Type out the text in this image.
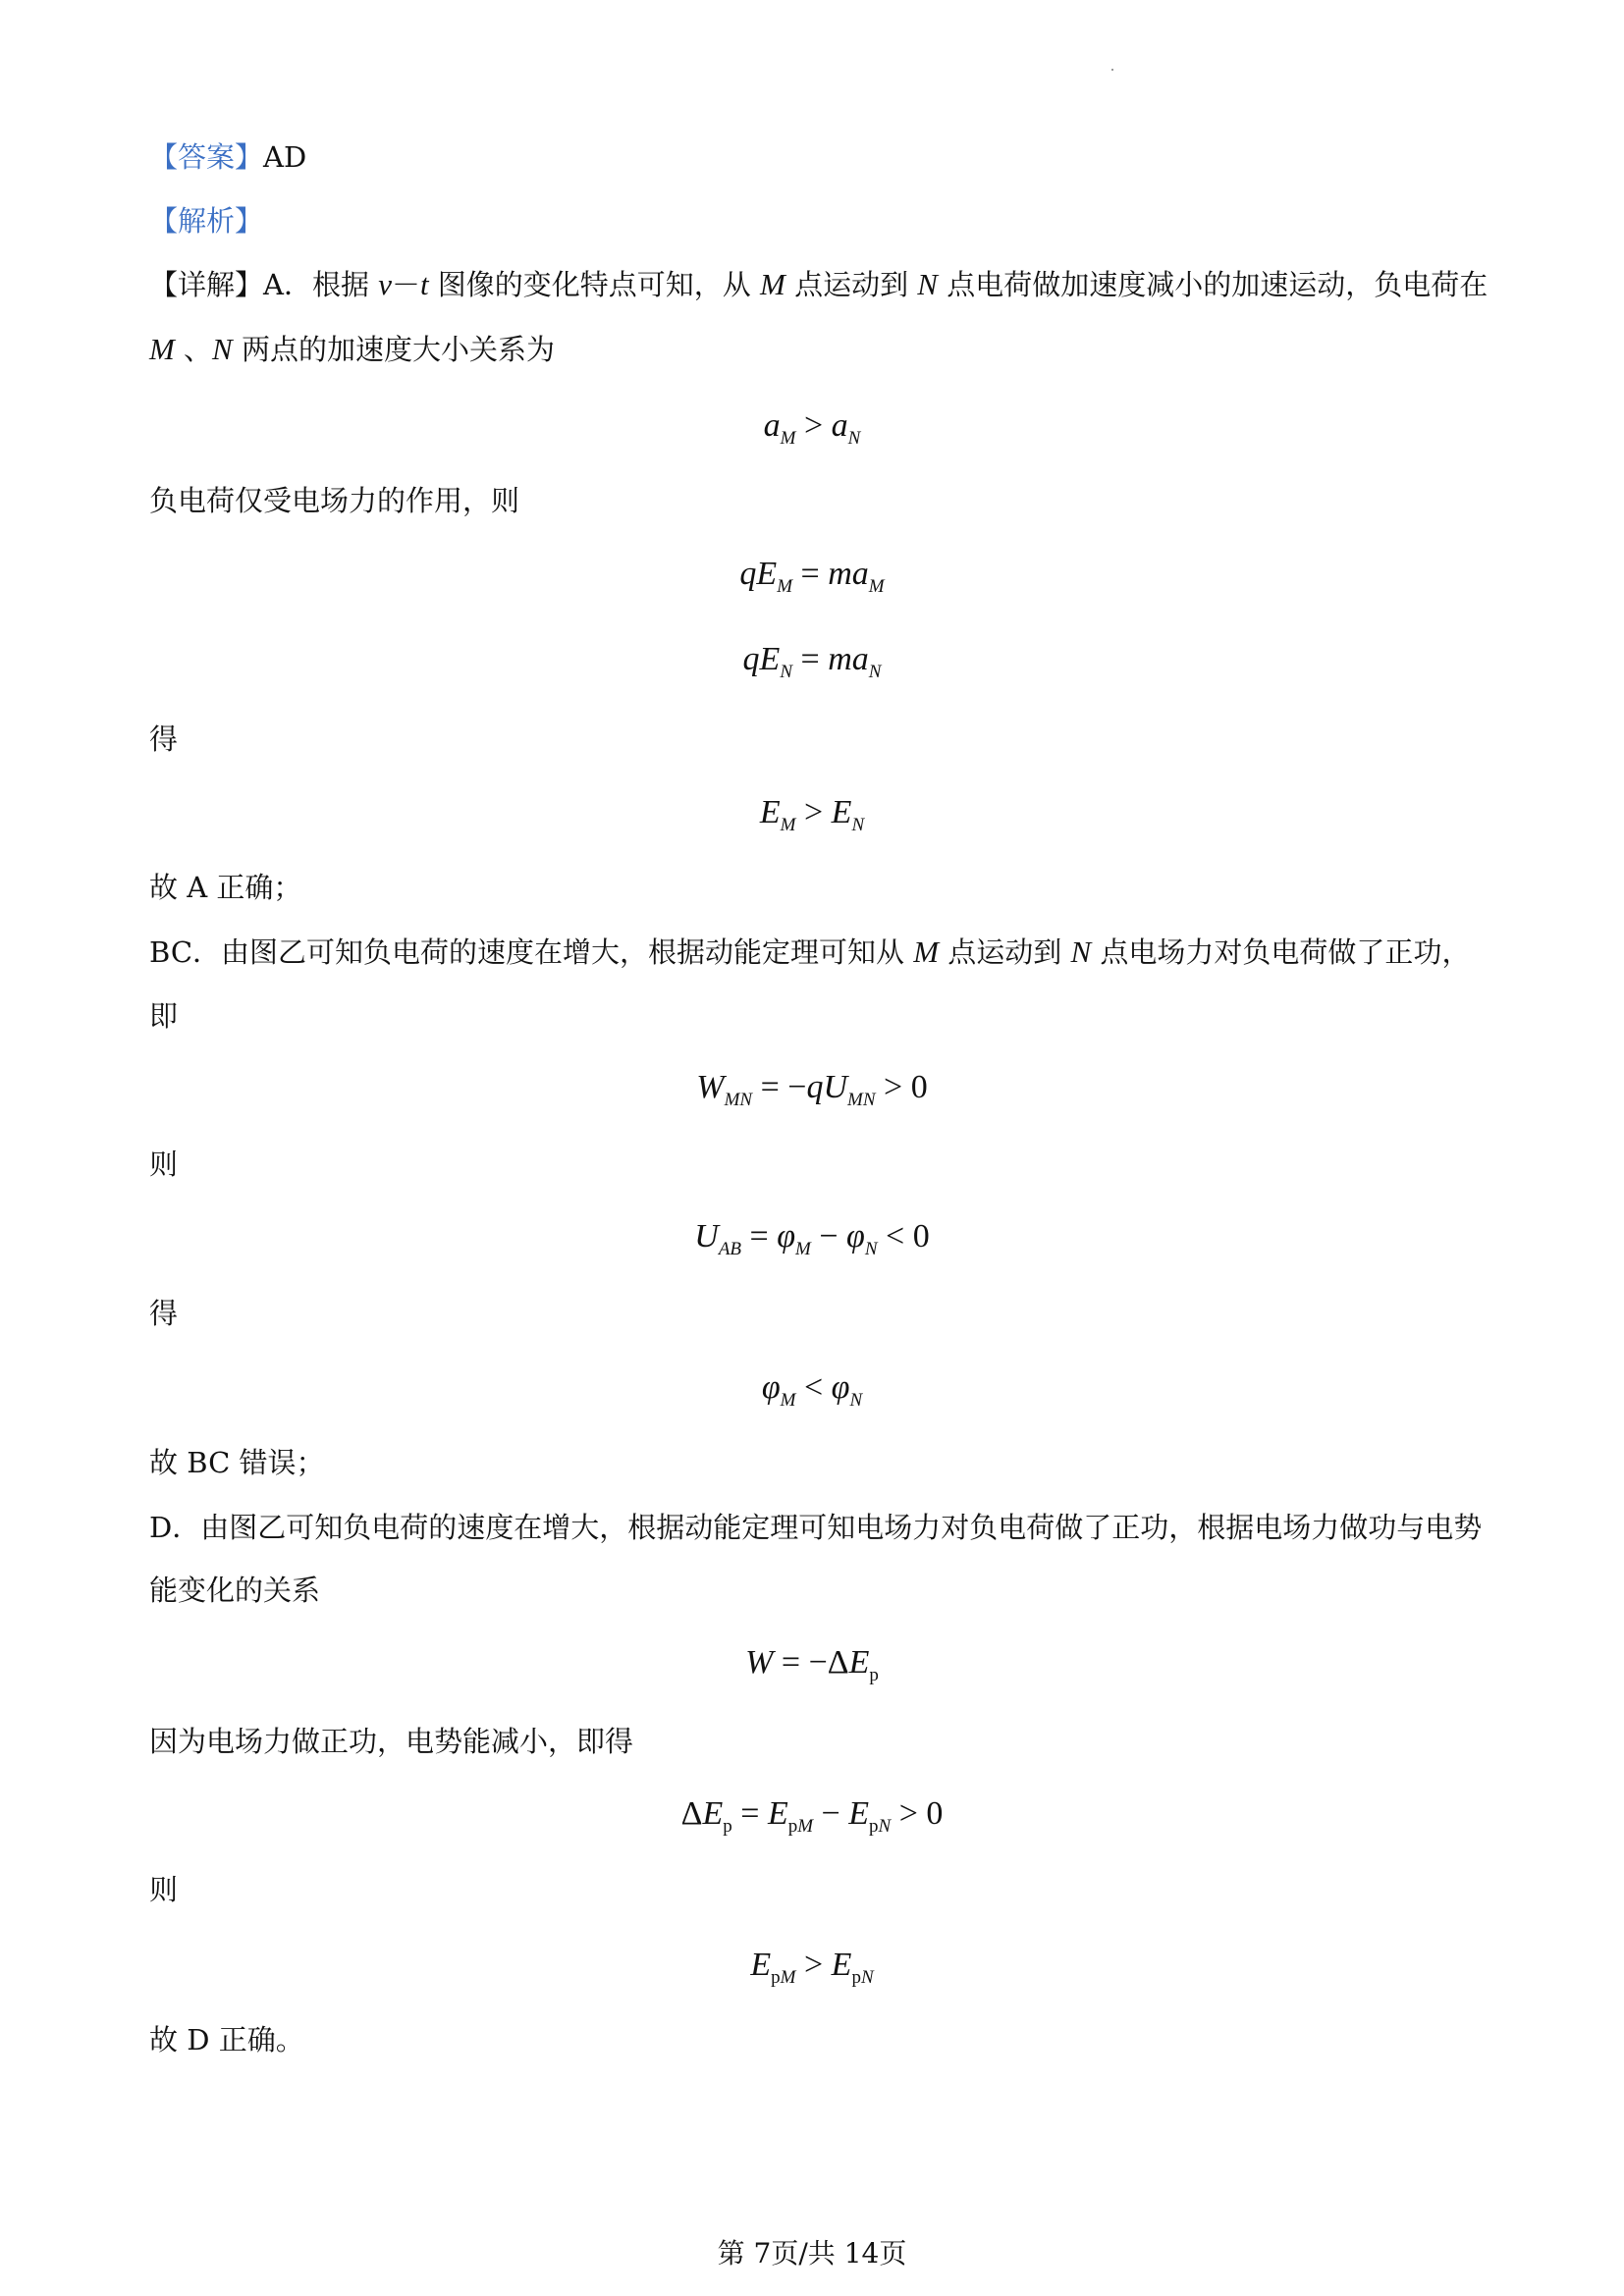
【答案】AD
【解析】
【详解】A．根据 v－t 图像的变化特点可知，从 M 点运动到 N 点电荷做加速度减小的加速运动，负电荷在
M 、N 两点的加速度大小关系为
$a_M > a_N$
负电荷仅受电场力的作用，则
$qE_M = ma_M$
$qE_N = ma_N$
得
$E_M > E_N$
故 A 正确；
BC．由图乙可知负电荷的速度在增大，根据动能定理可知从 M 点运动到 N 点电场力对负电荷做了正功，
即
$W_{MN} = -qU_{MN} > 0$
则
$U_{AB} = \varphi_M - \varphi_N < 0$
得
$\varphi_M < \varphi_N$
故 BC 错误；
D．由图乙可知负电荷的速度在增大，根据动能定理可知电场力对负电荷做了正功，根据电场力做功与电势
能变化的关系
$W = -\Delta E_p$
因为电场力做正功，电势能减小，即得
$\Delta E_p = E_{pM} - E_{pN} > 0$
则
$E_{pM} > E_{pN}$
故 D 正确。
第 7页/共 14页
